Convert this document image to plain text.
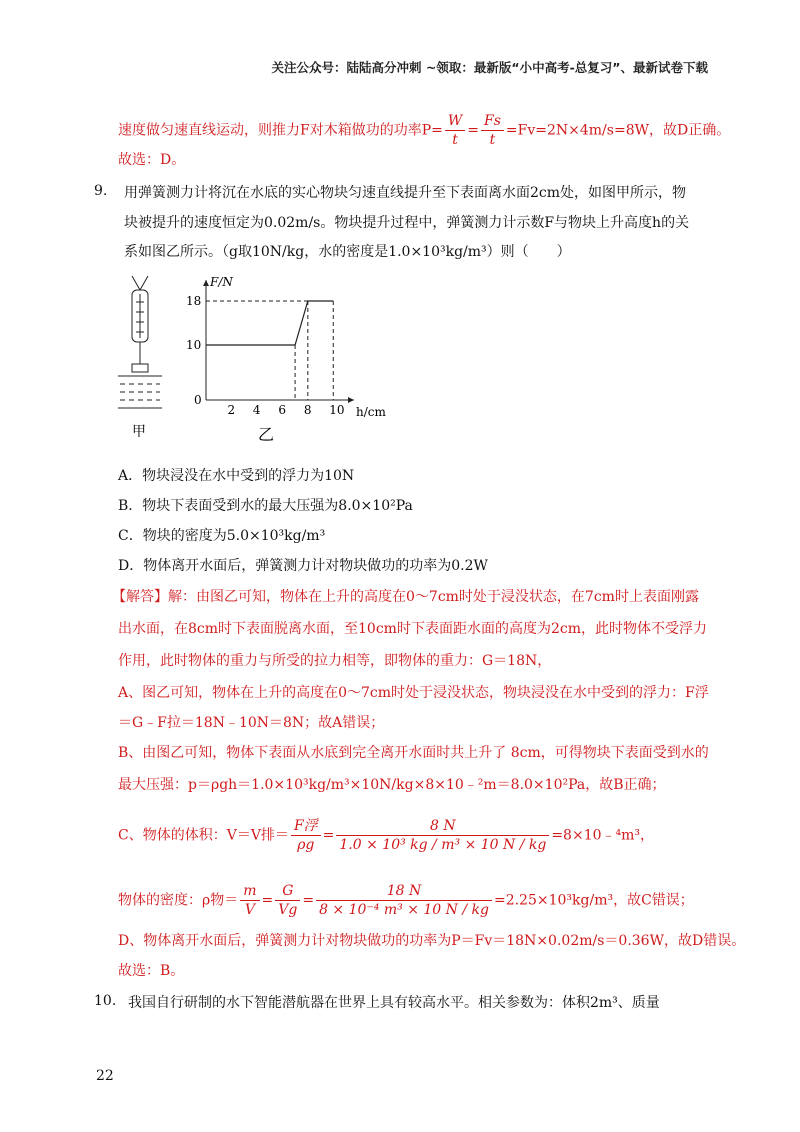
关注公众号：陆陆高分冲刺 ~领取：最新版“小中高考-总复习”、最新试卷下载
速度做匀速直线运动，则推力F对木箱做功的功率$P= \frac{W}{t} = \frac{Fs}{t} =Fv=2N\times 4m/s=8W$，故D正确。
故选：D。
9. 用弹簧测力计将沉在水底的实心物块匀速直线提升至下表面离水面2cm处，如图甲所示，物
块被提升的速度恒定为0.02m/s。物块提升过程中，弹簧测力计示数F与物块上升高度h的关
系如图乙所示。（g取10N/kg，水的密度是1.0×10³kg/m³）则（　　）
甲
F/N
h/cm
0
2 4 6 8 10
10
18
乙
A．物块浸没在水中受到的浮力为10N
B．物块下表面受到水的最大压强为8.0×10²Pa
C．物块的密度为5.0×10³kg/m³
D．物体离开水面后，弹簧测力计对物块做功的功率为0.2W
【解答】解：由图乙可知，物体在上升的高度在0～7cm时处于浸没状态，在7cm时上表面刚露
出水面，在8cm时下表面脱离水面，至10cm时下表面距水面的高度为2cm，此时物体不受浮力
作用，此时物体的重力与所受的拉力相等，即物体的重力：G＝18N，
A、图乙可知，物体在上升的高度在0～7cm时处于浸没状态，物块浸没在水中受到的浮力：F浮
＝G﹣F拉＝18N﹣10N＝8N；故A错误；
B、由图乙可知，物体下表面从水底到完全离开水面时共上升了 8cm，可得物块下表面受到水的
最大压强：p＝ρgh＝1.0×10³kg/m³×10N/kg×8×10﹣²m＝8.0×10²Pa，故B正确；
C、物体的体积：V＝V排＝ $\frac{\text{F浮}}{\rho g} = \frac{8 N}{\text{1.0 × 10³ kg / m³ × 10 N / kg}}$ =8×10﹣⁴m³，
物体的密度：ρ物＝ $\frac{m}{V} = \frac{G}{Vg} = \frac{18 N}{\text{8 × 10⁻⁴ m³ × 10 N / kg}} =2.25\times 10^3kg/m^3$，故C错误；
D、物体离开水面后，弹簧测力计对物块做功的功率为P＝Fv＝18N×0.02m/s＝0.36W，故D错误。
故选：B。
10. 我国自行研制的水下智能潜航器在世界上具有较高水平。相关参数为：体积2m³、质量
22
